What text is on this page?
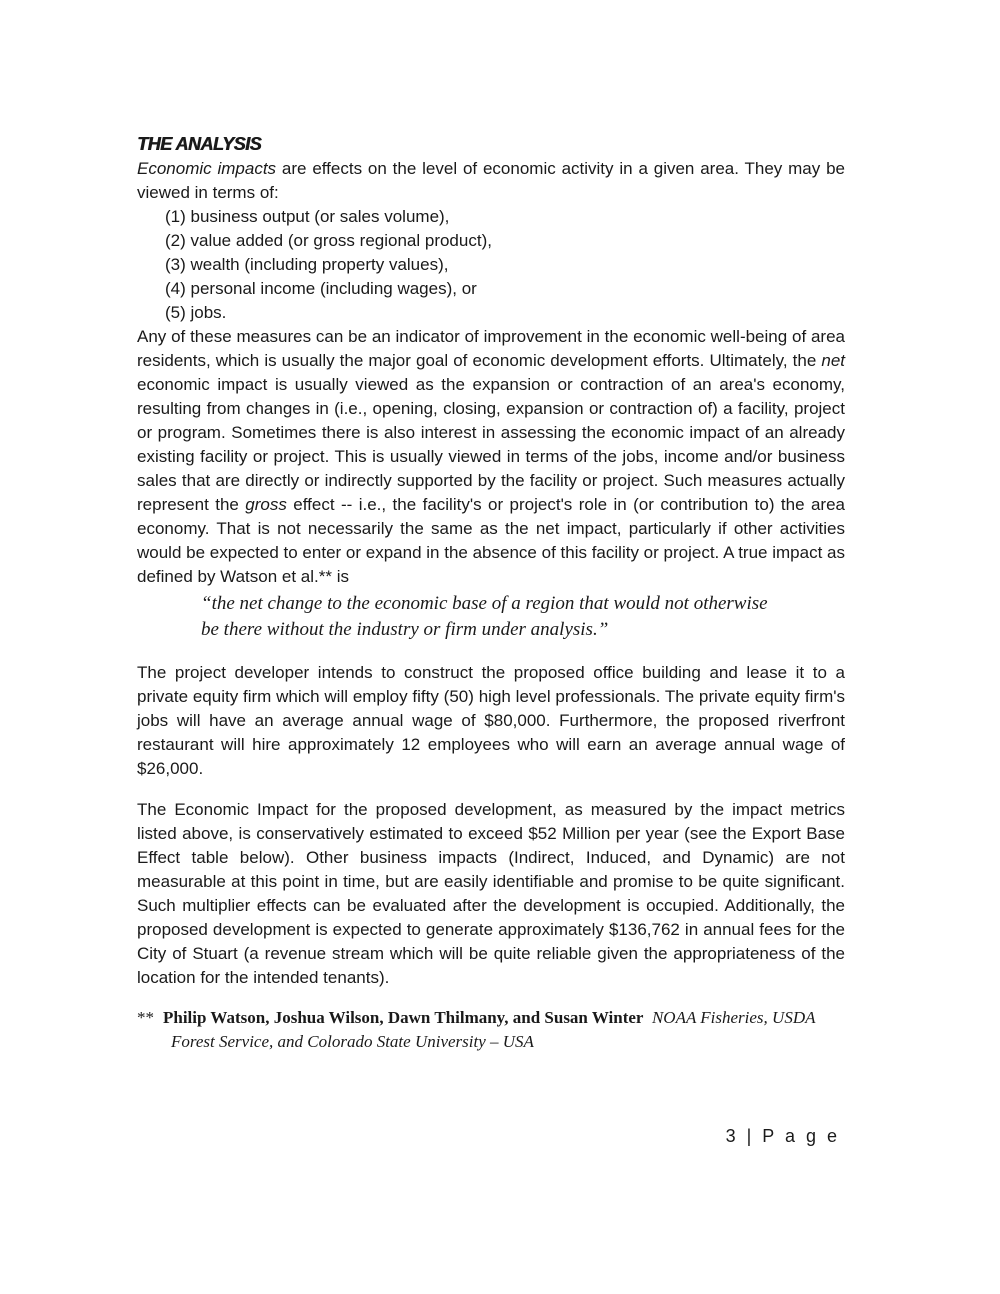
THE ANALYSIS

Economic impacts are effects on the level of economic activity in a given area. They may be viewed in terms of:

(1) business output (or sales volume),
(2) value added (or gross regional product),
(3) wealth (including property values),
(4) personal income (including wages), or
(5) jobs.

Any of these measures can be an indicator of improvement in the economic well-being of area residents, which is usually the major goal of economic development efforts. Ultimately, the net economic impact is usually viewed as the expansion or contraction of an area's economy, resulting from changes in (i.e., opening, closing, expansion or contraction of) a facility, project or program. Sometimes there is also interest in assessing the economic impact of an already existing facility or project. This is usually viewed in terms of the jobs, income and/or business sales that are directly or indirectly supported by the facility or project. Such measures actually represent the gross effect -- i.e., the facility's or project's role in (or contribution to) the area economy. That is not necessarily the same as the net impact, particularly if other activities would be expected to enter or expand in the absence of this facility or project. A true impact as defined by Watson et al.** is

“the net change to the economic base of a region that would not otherwise
be there without the industry or firm under analysis.”

The project developer intends to construct the proposed office building and lease it to a private equity firm which will employ fifty (50) high level professionals. The private equity firm's jobs will have an average annual wage of $80,000. Furthermore, the proposed riverfront restaurant will hire approximately 12 employees who will earn an average annual wage of $26,000.

The Economic Impact for the proposed development, as measured by the impact metrics listed above, is conservatively estimated to exceed $52 Million per year (see the Export Base Effect table below). Other business impacts (Indirect, Induced, and Dynamic) are not measurable at this point in time, but are easily identifiable and promise to be quite significant. Such multiplier effects can be evaluated after the development is occupied. Additionally, the proposed development is expected to generate approximately $136,762 in annual fees for the City of Stuart (a revenue stream which will be quite reliable given the appropriateness of the location for the intended tenants).

** Philip Watson, Joshua Wilson, Dawn Thilmany, and Susan Winter NOAA Fisheries, USDA Forest Service, and Colorado State University – USA
3 | P a g e
